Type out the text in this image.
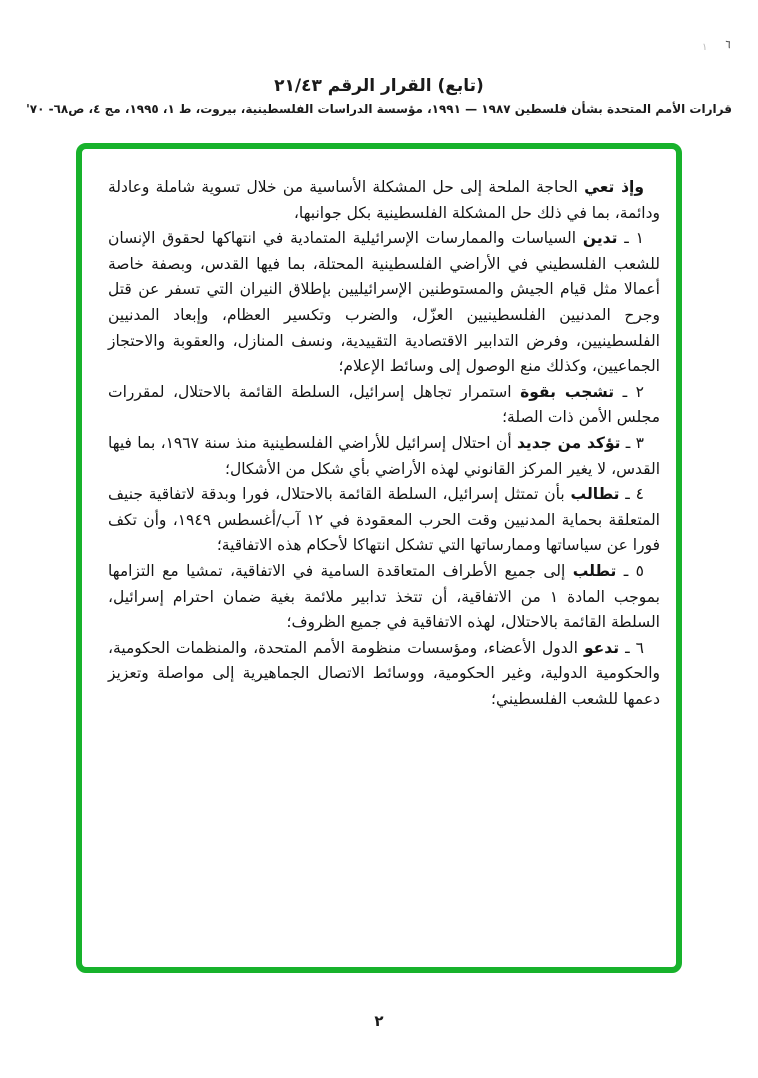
١ ٦
(تابع) القرار الرقم ٢١/٤٣
قرارات الأمم المتحدة بشأن فلسطين ١٩٨٧ — ١٩٩١، مؤسسة الدراسات الفلسطينية، بيروت، ط ١، ١٩٩٥، مج ٤، ص٦٨- ٧٠'

وإذ تعي الحاجة الملحة إلى حل المشكلة الأساسية من خلال تسوية شاملة وعادلة ودائمة، بما في ذلك حل المشكلة الفلسطينية بكل جوانبها،

١ ـ تدين السياسات والممارسات الإسرائيلية المتمادية في انتهاكها لحقوق الإنسان للشعب الفلسطيني في الأراضي الفلسطينية المحتلة، بما فيها القدس، وبصفة خاصة أعمالا مثل قيام الجيش والمستوطنين الإسرائيليين بإطلاق النيران التي تسفر عن قتل وجرح المدنيين الفلسطينيين العزّل، والضرب وتكسير العظام، وإبعاد المدنيين الفلسطينيين، وفرض التدابير الاقتصادية التقييدية، ونسف المنازل، والعقوبة والاحتجاز الجماعيين، وكذلك منع الوصول إلى وسائط الإعلام؛

٢ ـ تشجب بقوة استمرار تجاهل إسرائيل، السلطة القائمة بالاحتلال، لمقررات مجلس الأمن ذات الصلة؛

٣ ـ تؤكد من جديد أن احتلال إسرائيل للأراضي الفلسطينية منذ سنة ١٩٦٧، بما فيها القدس، لا يغير المركز القانوني لهذه الأراضي بأي شكل من الأشكال؛

٤ ـ تطالب بأن تمتثل إسرائيل، السلطة القائمة بالاحتلال، فورا وبدقة لاتفاقية جنيف المتعلقة بحماية المدنيين وقت الحرب المعقودة في ١٢ آب/أغسطس ١٩٤٩، وأن تكف فورا عن سياساتها وممارساتها التي تشكل انتهاكا لأحكام هذه الاتفاقية؛

٥ ـ تطلب إلى جميع الأطراف المتعاقدة السامية في الاتفاقية، تمشيا مع التزامها بموجب المادة ١ من الاتفاقية، أن تتخذ تدابير ملائمة بغية ضمان احترام إسرائيل، السلطة القائمة بالاحتلال، لهذه الاتفاقية في جميع الظروف؛

٦ ـ تدعو الدول الأعضاء، ومؤسسات منظومة الأمم المتحدة، والمنظمات الحكومية، والحكومية الدولية، وغير الحكومية، ووسائط الاتصال الجماهيرية إلى مواصلة وتعزيز دعمها للشعب الفلسطيني؛

٢
